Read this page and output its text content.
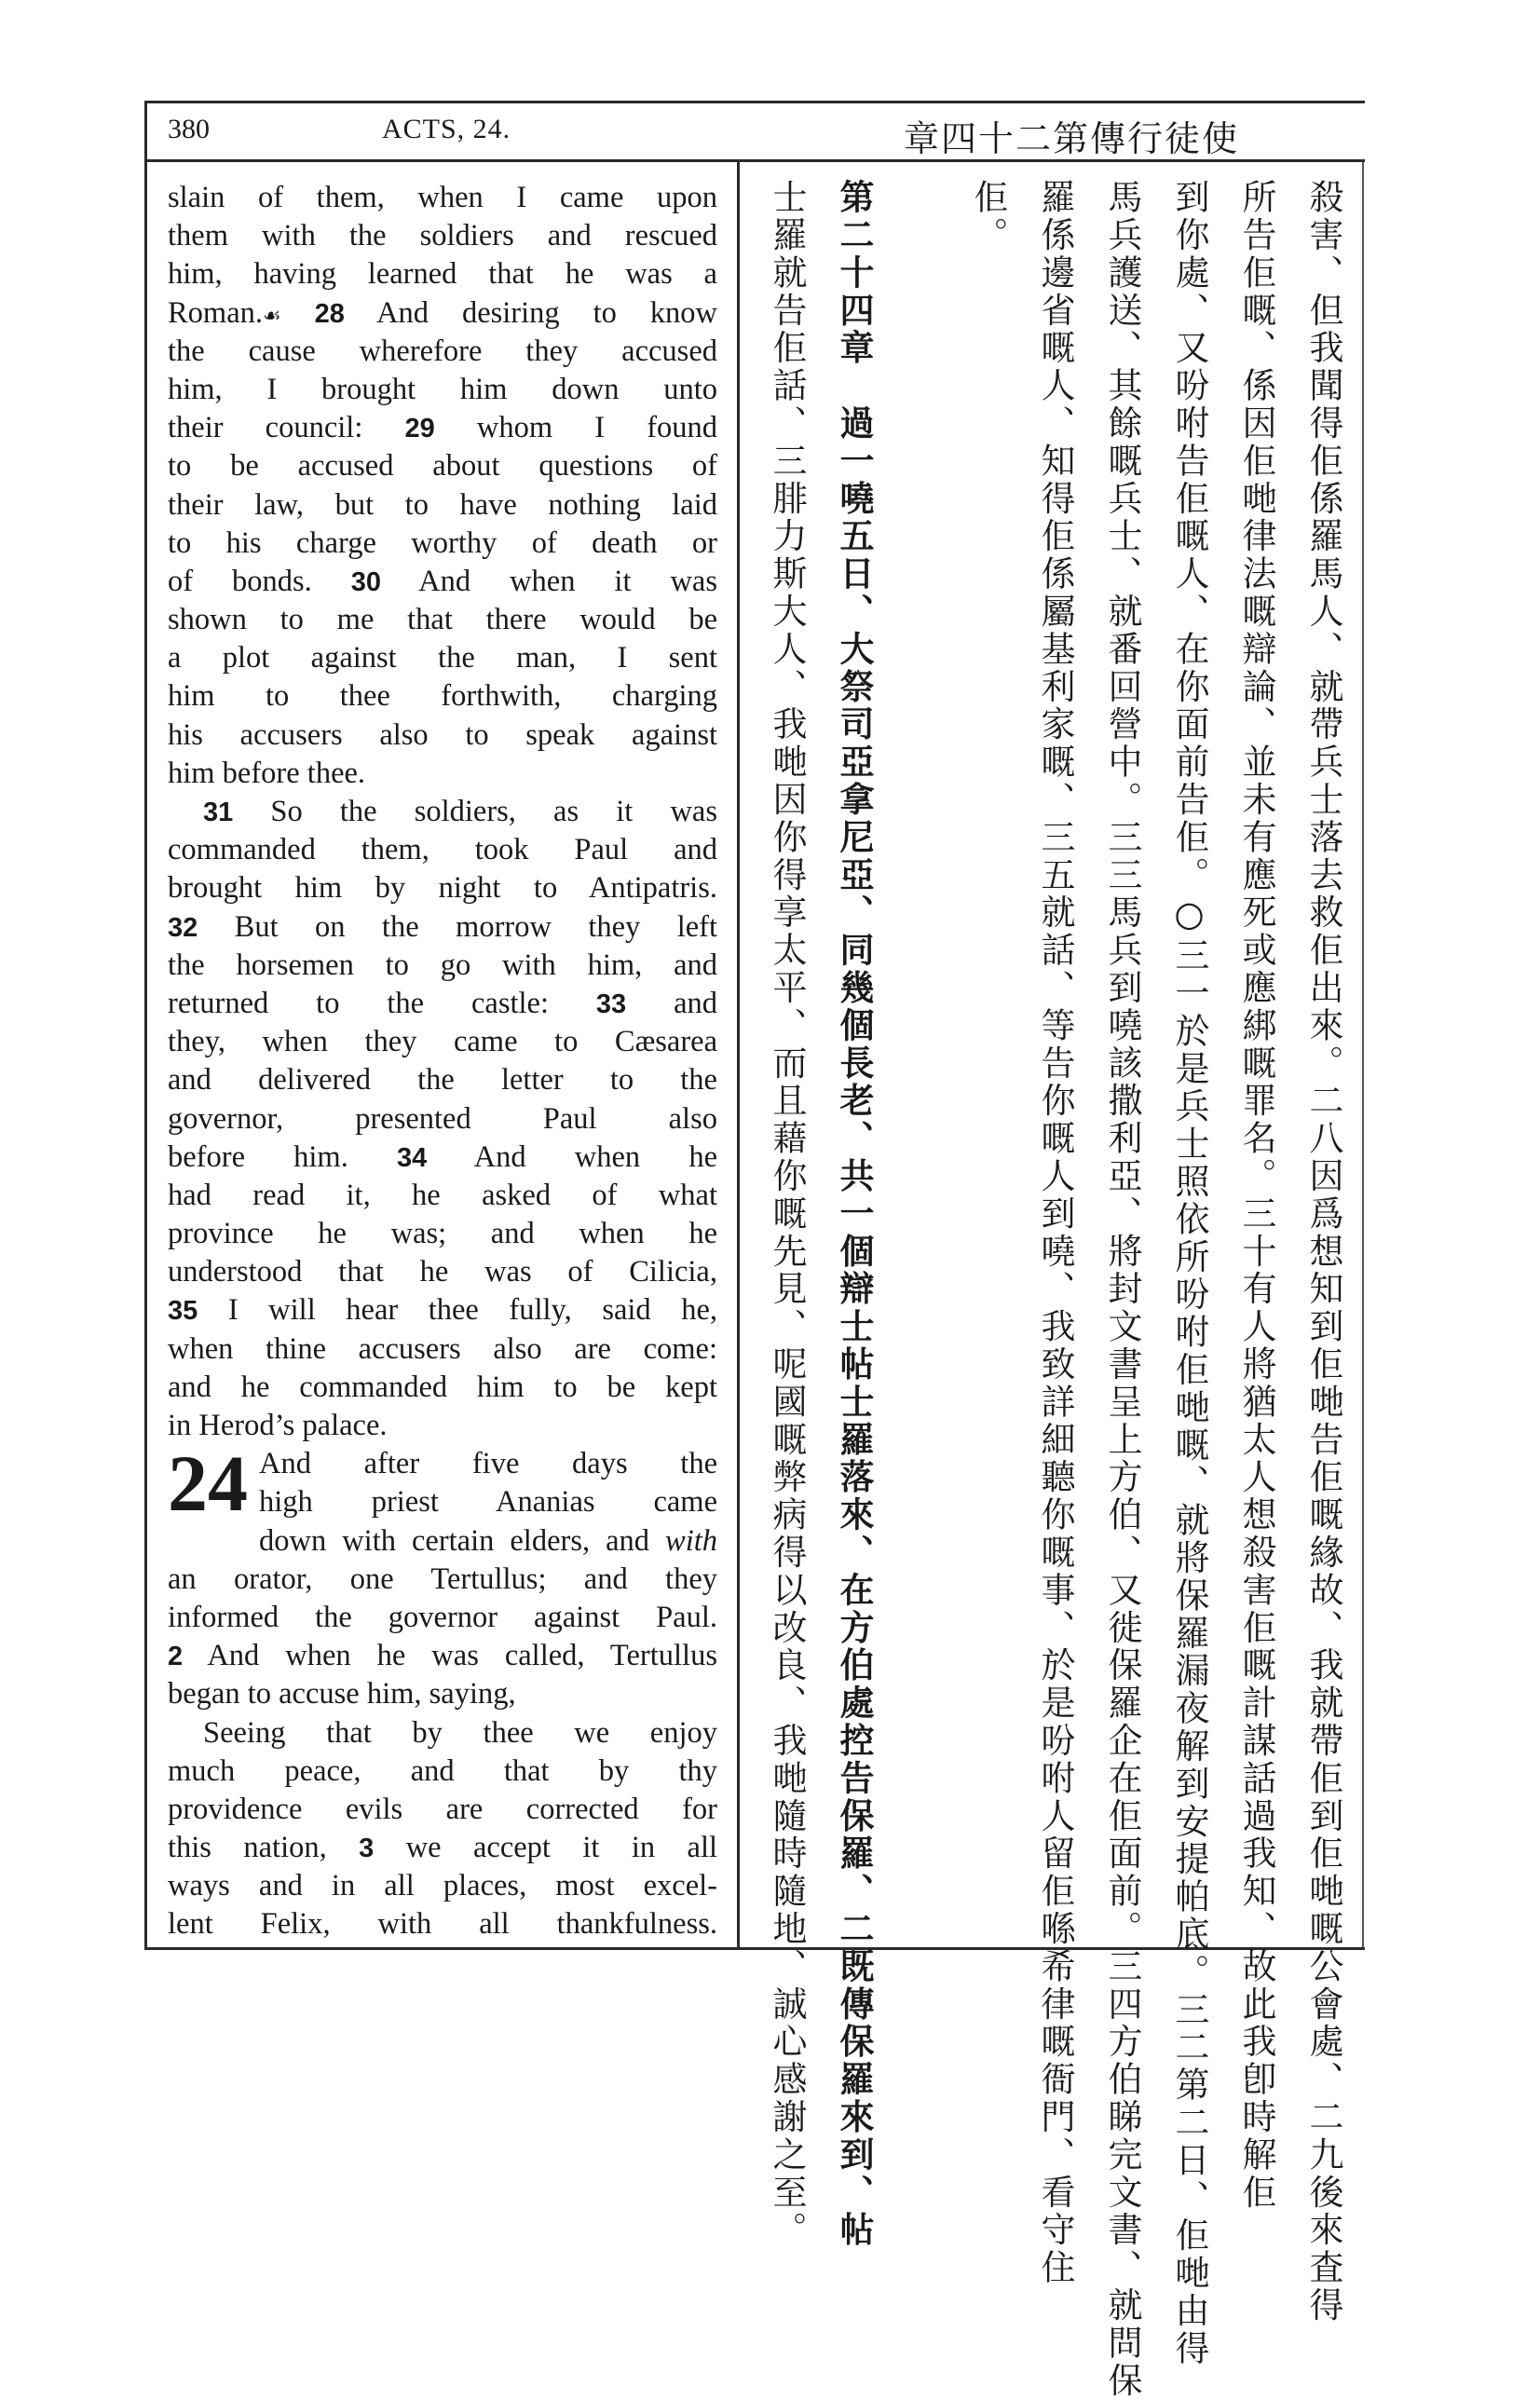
380	ACTS, 24.	章四十二第傳行徒使
slain of them, when I came upon
them with the soldiers and rescued
him, having learned that he was a
Roman.☙ 28 And desiring to know
the cause wherefore they accused
him, I brought him down unto
their council: 29 whom I found
to be accused about questions of
their law, but to have nothing laid
to his charge worthy of death or
of bonds. 30 And when it was
shown to me that there would be
a plot against the man, I sent
him to thee forthwith, charging
his accusers also to speak against
him before thee.
31 So the soldiers, as it was
commanded them, took Paul and
brought him by night to Antipatris.
32 But on the morrow they left
the horsemen to go with him, and
returned to the castle: 33 and
they, when they came to Cæsarea
and delivered the letter to the
governor, presented Paul also
before him. 34 And when he
had read it, he asked of what
province he was; and when he
understood that he was of Cilicia,
35 I will hear thee fully, said he,
when thine accusers also are come:
and he commanded him to be kept
in Herod’s palace.
24 And after five days the
high priest Ananias came
down with certain elders, and with
an orator, one Tertullus; and they
informed the governor against Paul.
2 And when he was called, Tertullus
began to accuse him, saying,
Seeing that by thee we enjoy
much peace, and that by thy
providence evils are corrected for
this nation, 3 we accept it in all
ways and in all places, most excel-
lent Felix, with all thankfulness.	殺害、但我聞得佢係羅馬人、就帶兵士落去救佢出來。二八因爲想知到佢哋告佢嘅緣故、我就帶佢到佢哋嘅公會處、二九後來査得
所告佢嘅、係因佢哋律法嘅辯論、並未有應死或應綁嘅罪名。三十有人將猶太人想殺害佢嘅計謀話過我知、故此我卽時解佢
到你處、又吩咐告佢嘅人、在你面前告佢。○三一於是兵士照依所吩咐佢哋嘅、就將保羅漏夜解到安提帕底。三二第二日、佢哋由得
馬兵護送、其餘嘅兵士、就番回營中。三三馬兵到嘵該撒利亞、將封文書呈上方伯、又徙保羅企在佢面前。三四方伯睇完文書、就問保
羅係邊省嘅人、知得佢係屬基利家嘅、三五就話、等告你嘅人到嘵、我致詳細聽你嘅事、於是吩咐人留佢喺希律嘅衙門、看守住
佢。
第二十四章　過一嘵五日、大祭司亞拿尼亞、同幾個長老、共一個辯士帖士羅落來、在方伯處控告保羅、二既傳保羅來到、帖
士羅就告佢話、三腓力斯大人、我哋因你得享太平、而且藉你嘅先見、呢國嘅弊病得以改良、我哋隨時隨地、誠心感謝之至。
